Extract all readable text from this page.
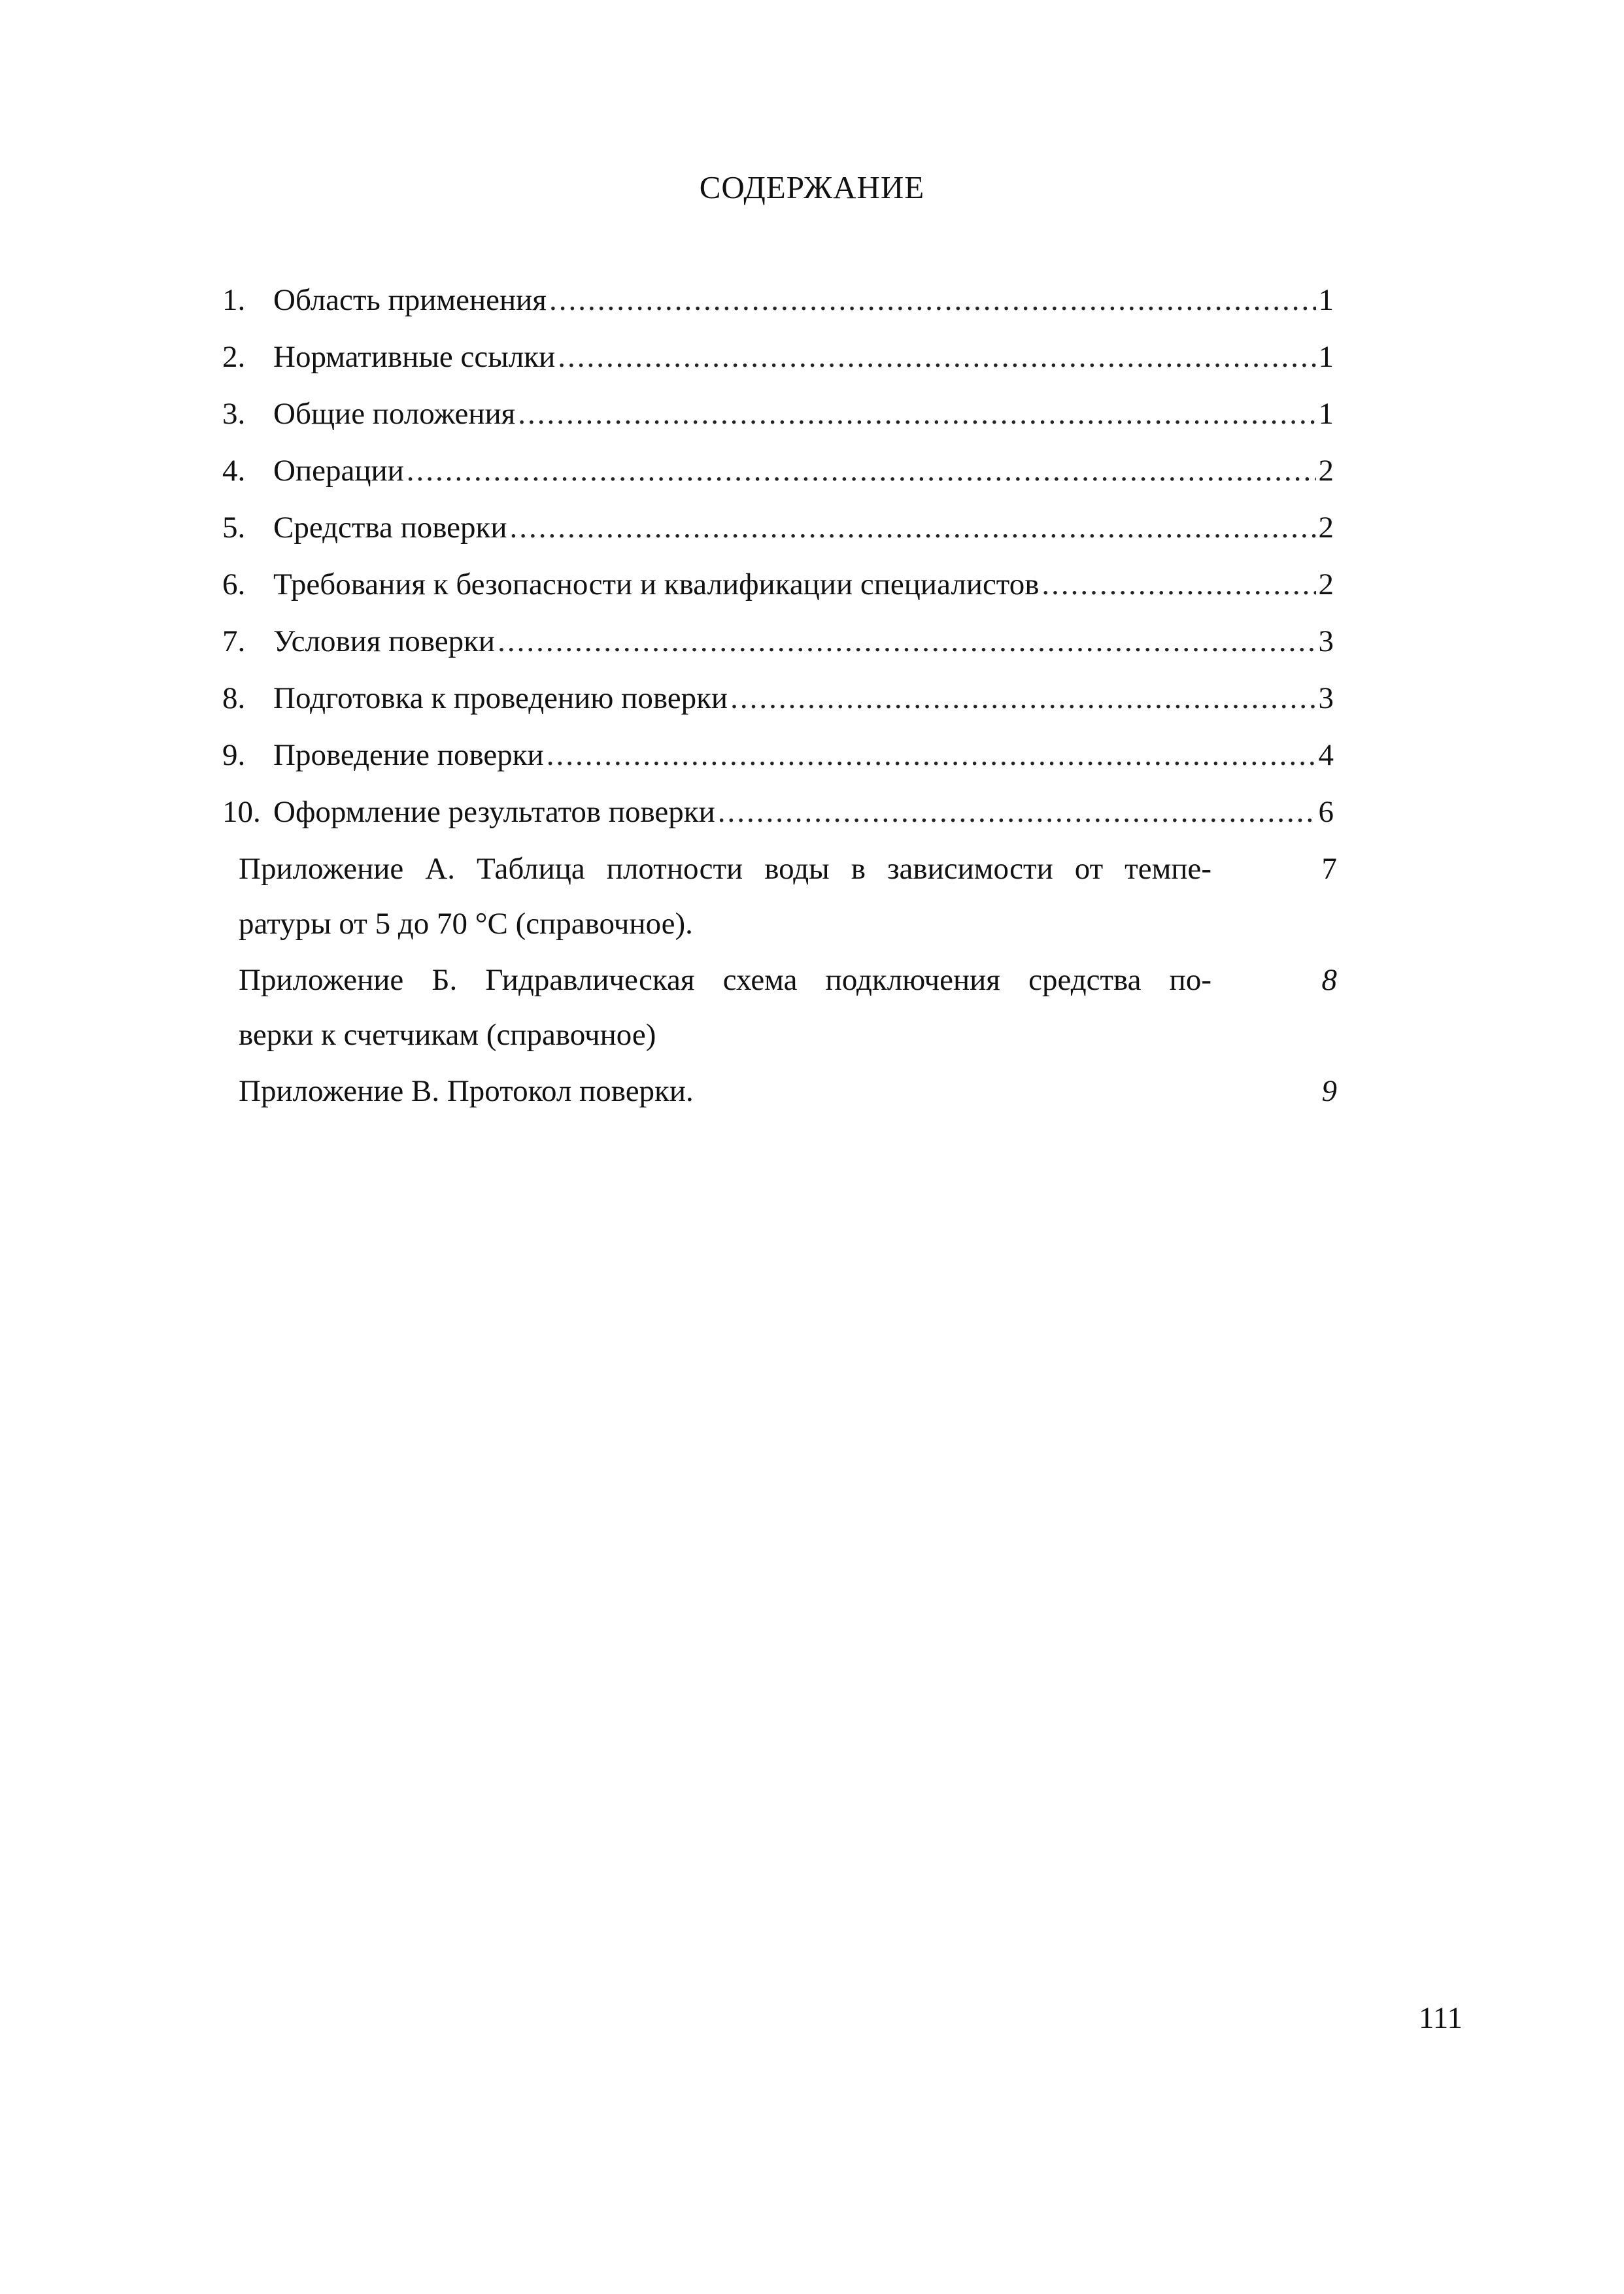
СОДЕРЖАНИЕ
1. Область применения .....	1
2. Нормативные ссылки .....	1
3. Общие положения .....	1
4. Операции .....	2
5. Средства поверки .....	2
6. Требования к безопасности и квалификации специалистов .....	2
7. Условия поверки .....	3
8. Подготовка к проведению поверки .....	3
9. Проведение поверки .....	4
10. Оформление результатов поверки .....	6
Приложение А. Таблица плотности воды в зависимости от темпе-	7
ратуры от 5 до 70 °С (справочное).
Приложение Б. Гидравлическая схема подключения средства по-	8
верки к счетчикам (справочное)
Приложение В. Протокол поверки.	9
111
